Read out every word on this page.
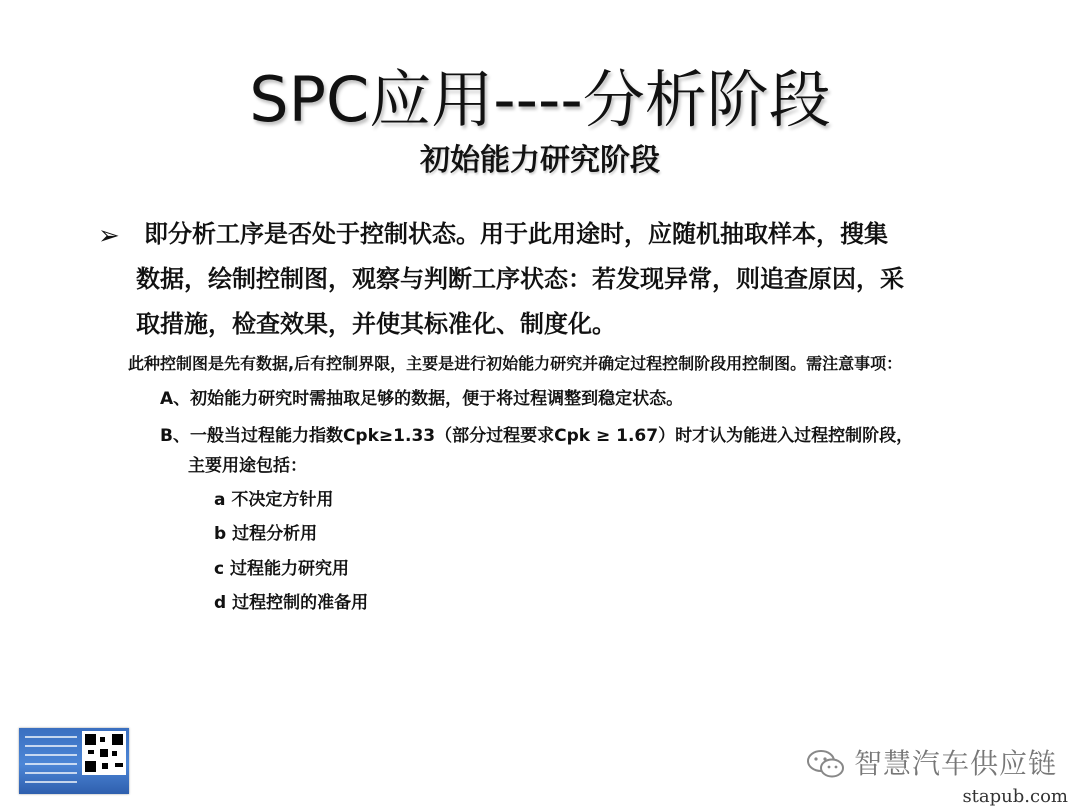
SPC应用----分析阶段
初始能力研究阶段
➢ 即分析工序是否处于控制状态。用于此用途时，应随机抽取样本，搜集
数据，绘制控制图，观察与判断工序状态：若发现异常，则追查原因，采
取措施，检查效果，并使其标准化、制度化。
此种控制图是先有数据,后有控制界限，主要是进行初始能力研究并确定过程控制阶段用控制图。需注意事项：
A、初始能力研究时需抽取足够的数据，便于将过程调整到稳定状态。
B、一般当过程能力指数Cpk≥1.33（部分过程要求Cpk ≥ 1.67）时才认为能进入过程控制阶段，
主要用途包括：
a 不决定方针用
b 过程分析用
c 过程能力研究用
d 过程控制的准备用
智慧汽车供应链
stapub.com
